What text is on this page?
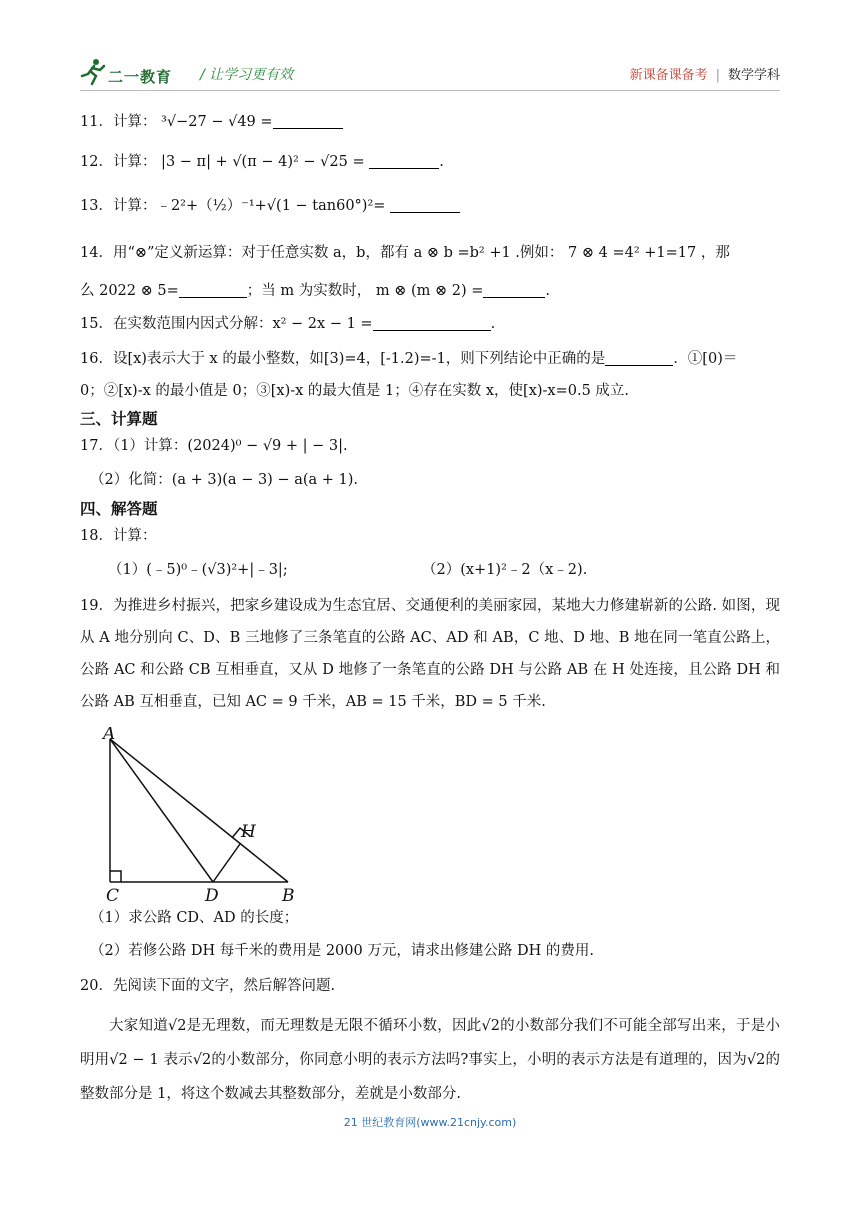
二一教育 / 让学习更有效	新课备课备考 | 数学学科

11．计算： ³√−27 − √49 =

12．计算： |3 − π| + √(π − 4)² − √25 =	.

13．计算：﹣2²+（½）⁻¹+√(1 − tan60°)²=

14．用“⊗”定义新运算：对于任意实数 a，b，都有 a ⊗ b =b² +1 .例如： 7 ⊗ 4 =4² +1=17 ，那

么 2022 ⊗ 5=	；当 m 为实数时， m ⊗ (m ⊗ 2) =	.

15．在实数范围内因式分解：x² − 2x − 1 =	.

16．设[x)表示大于 x 的最小整数，如[3)=4，[-1.2)=-1，则下列结论中正确的是	．①[0)＝

0；②[x)-x 的最小值是 0；③[x)-x 的最大值是 1；④存在实数 x，使[x)-x=0.5 成立.

三、计算题

17．（1）计算：(2024)⁰ − √9 + | − 3|.

（2）化简：(a + 3)(a − 3) − a(a + 1).

四、解答题

18．计算：

（1）(﹣5)⁰﹣(√3)²+|﹣3|;	（2）(x+1)²﹣2（x﹣2).

19．为推进乡村振兴，把家乡建设成为生态宜居、交通便利的美丽家园，某地大力修建崭新的公路. 如图，现从 A 地分别向 C、D、B 三地修了三条笔直的公路 AC、AD 和 AB，C 地、D 地、B 地在同一笔直公路上，公路 AC 和公路 CB 互相垂直，又从 D 地修了一条笔直的公路 DH 与公路 AB 在 H 处连接，且公路 DH 和公路 AB 互相垂直，已知 AC = 9 千米，AB = 15 千米，BD = 5 千米.

A
C	D	B
H

（1）求公路 CD、AD 的长度；

（2）若修公路 DH 每千米的费用是 2000 万元，请求出修建公路 DH 的费用.

20．先阅读下面的文字，然后解答问题.

大家知道√2是无理数，而无理数是无限不循环小数，因此√2的小数部分我们不可能全部写出来，于是小明用√2 − 1 表示√2的小数部分，你同意小明的表示方法吗?事实上，小明的表示方法是有道理的，因为√2的整数部分是 1，将这个数减去其整数部分，差就是小数部分.

21 世纪教育网(www.21cnjy.com)
